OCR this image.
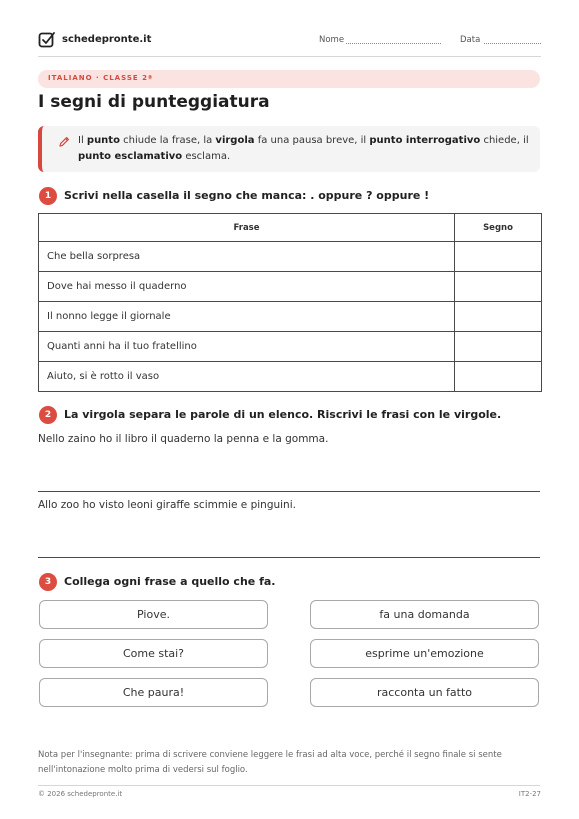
schedepronte.it	Nome	Data
ITALIANO · CLASSE 2ª
I segni di punteggiatura
Il punto chiude la frase, la virgola fa una pausa breve, il punto interrogativo chiede, il punto esclamativo esclama.
1	Scrivi nella casella il segno che manca: . oppure ? oppure !
Frase	Segno
Che bella sorpresa	
Dove hai messo il quaderno	
Il nonno legge il giornale	
Quanti anni ha il tuo fratellino	
Aiuto, si è rotto il vaso	
2	La virgola separa le parole di un elenco. Riscrivi le frasi con le virgole.
Nello zaino ho il libro il quaderno la penna e la gomma.
Allo zoo ho visto leoni giraffe scimmie e pinguini.
3	Collega ogni frase a quello che fa.
Piove.
Come stai?
Che paura!
fa una domanda
esprime un'emozione
racconta un fatto
Nota per l'insegnante: prima di scrivere conviene leggere le frasi ad alta voce, perché il segno finale si sente nell'intonazione molto prima di vedersi sul foglio.
© 2026 schedepronte.it	IT2-27
